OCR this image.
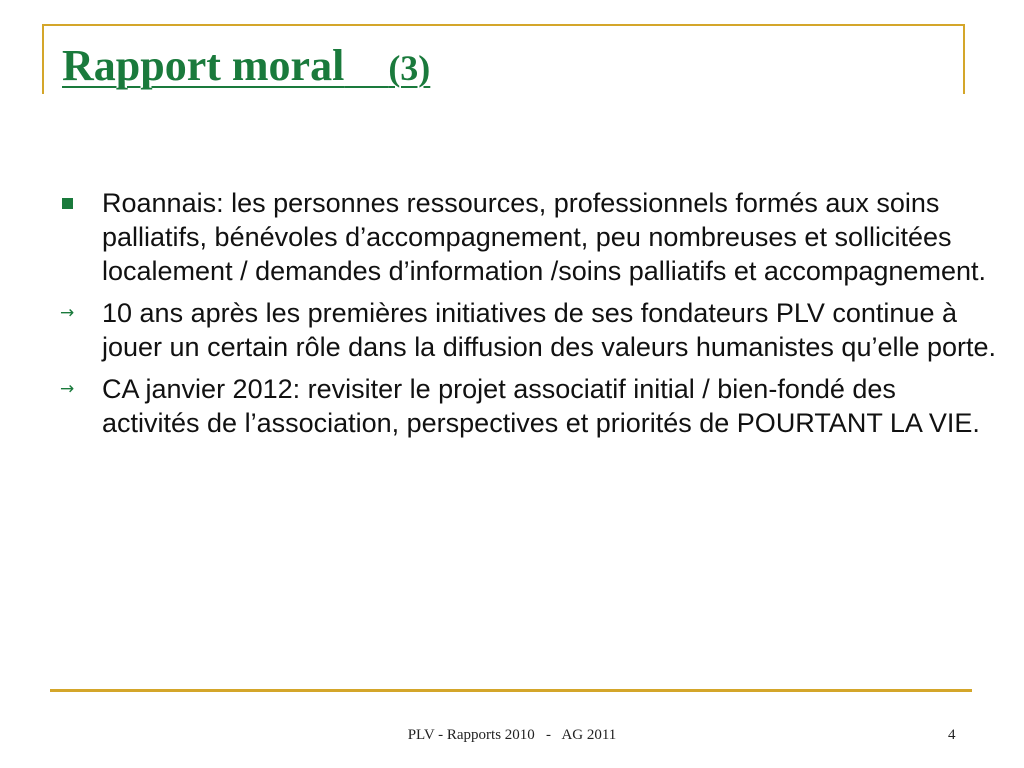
Rapport moral (3)
Roannais: les personnes ressources, professionnels formés aux soins palliatifs, bénévoles d’accompagnement, peu nombreuses et sollicitées localement / demandes d’information /soins palliatifs et accompagnement.
→ 10 ans après les premières initiatives de ses fondateurs PLV continue à jouer un certain rôle dans la diffusion des valeurs humanistes qu’elle porte.
→ CA janvier 2012: revisiter le projet associatif initial / bien-fondé des activités de l’association, perspectives et priorités de POURTANT LA VIE.
PLV - Rapports 2010   -   AG 2011	4
